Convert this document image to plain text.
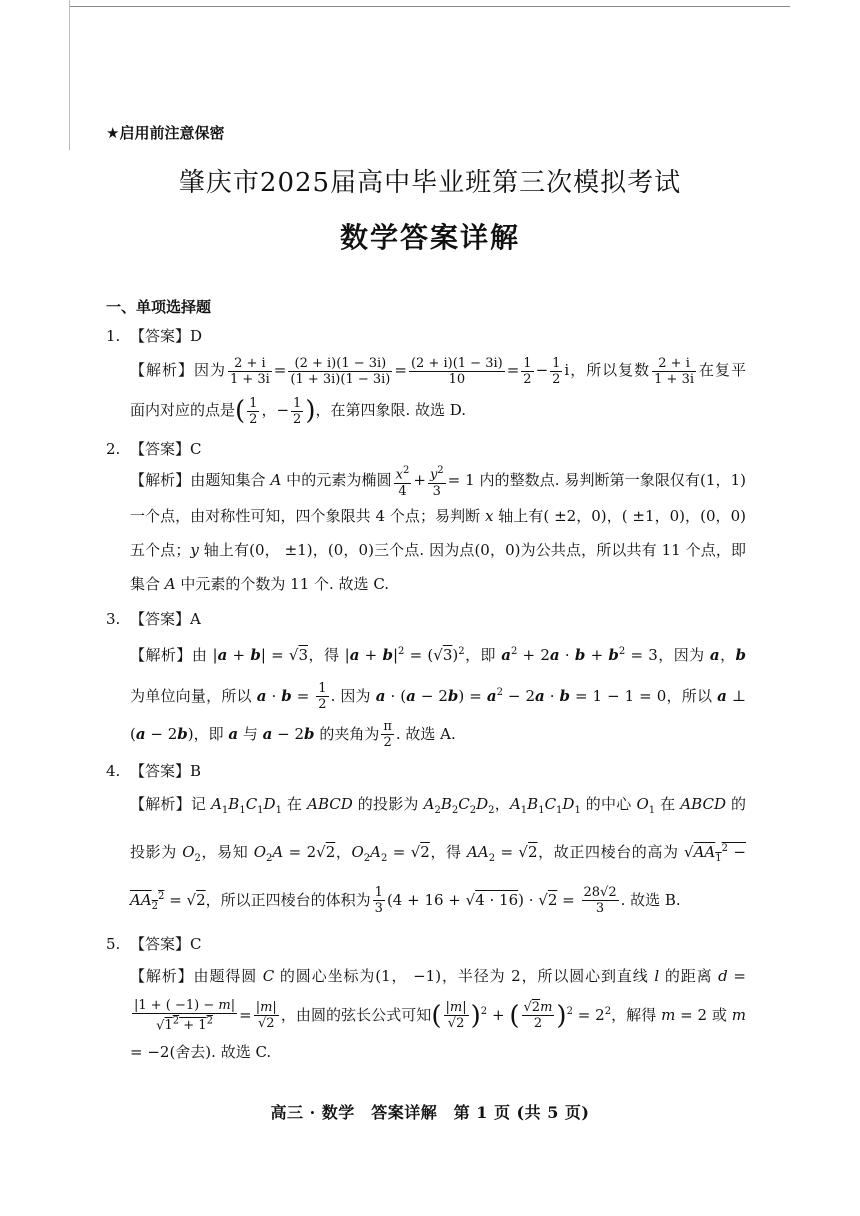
★启用前注意保密
肇庆市2025届高中毕业班第三次模拟考试
数学答案详解
一、单项选择题
1. 【答案】D
【解析】因为 $\frac{2 + i}{1 + 3i} = \frac{(2 + i)(1 - 3i)}{(1 + 3i)(1 - 3i)} = \frac{(2 + i)(1 - 3i)}{10} = \frac{1}{2} - \frac{1}{2}$ i，所以复数 $\frac{2 + i}{1 + 3i}$ 在复平面内对应的点是( $\frac{1}{2}$ ，− $\frac{1}{2}$ )，在第四象限. 故选 D.
2. 【答案】C
【解析】由题知集合 A 中的元素为椭圆 $\frac{x^2}{4} + \frac{y^2}{3} = 1$ 内的整数点. 易判断第一象限仅有(1，1)一个点，由对称性可知，四个象限共 4 个点；易判断 x 轴上有( ±2，0)，( ±1，0)，(0，0)五个点；y 轴上有(0， ±1)，(0，0)三个点. 因为点(0，0)为公共点，所以共有 11 个点，即集合 A 中元素的个数为 11 个. 故选 C.
3. 【答案】A
【解析】由 |a + b| = √3，得 $|a + b|^2 = (√3)^2$，即 $a^2 + 2a \cdot b + b^2 = 3$，因为 a，b 为单位向量，所以 $a \cdot b = \frac{1}{2}$ . 因为 $a \cdot (a - 2b) = a^2 - 2a \cdot b = 1 - 1 = 0$，所以 a ⊥ (a − 2b)，即 a 与 a − 2b 的夹角为 $\frac{\pi}{2}$ . 故选 A.
4. 【答案】B
【解析】记 $A_1B_1C_1D_1$ 在 ABCD 的投影为 $A_2B_2C_2D_2$，$A_1B_1C_1D_1$ 的中心 $O_1$ 在 ABCD 的投影为 $O_2$，易知 $O_2A = 2√2$，$O_2A_2 = √2$，得 $AA_2 = √2$，故正四棱台的高为 $√AA_1^2 - AA_2^2 = √2$，所以正四棱台的体积为 $\frac{1}{3} (4 + 16 + √4 \cdot 16) \cdot √2 = \frac{28√2}{3}$ . 故选 B.
5. 【答案】C
【解析】由题得圆 C 的圆心坐标为(1， −1)，半径为 2，所以圆心到直线 l 的距离 d =
$\frac{|1 + ( -1) - m|}{√1^2 + 1^2} = \frac{|m|}{√2}$ ，由圆的弦长公式可知( $\frac{|m|}{√2} )^2$ + ( $\frac{√2m}{2} )^2 = 2^2$，解得 m = 2 或 m = −2(舍去). 故选 C.
高三 · 数学　答案详解　第 1 页 (共 5 页)
